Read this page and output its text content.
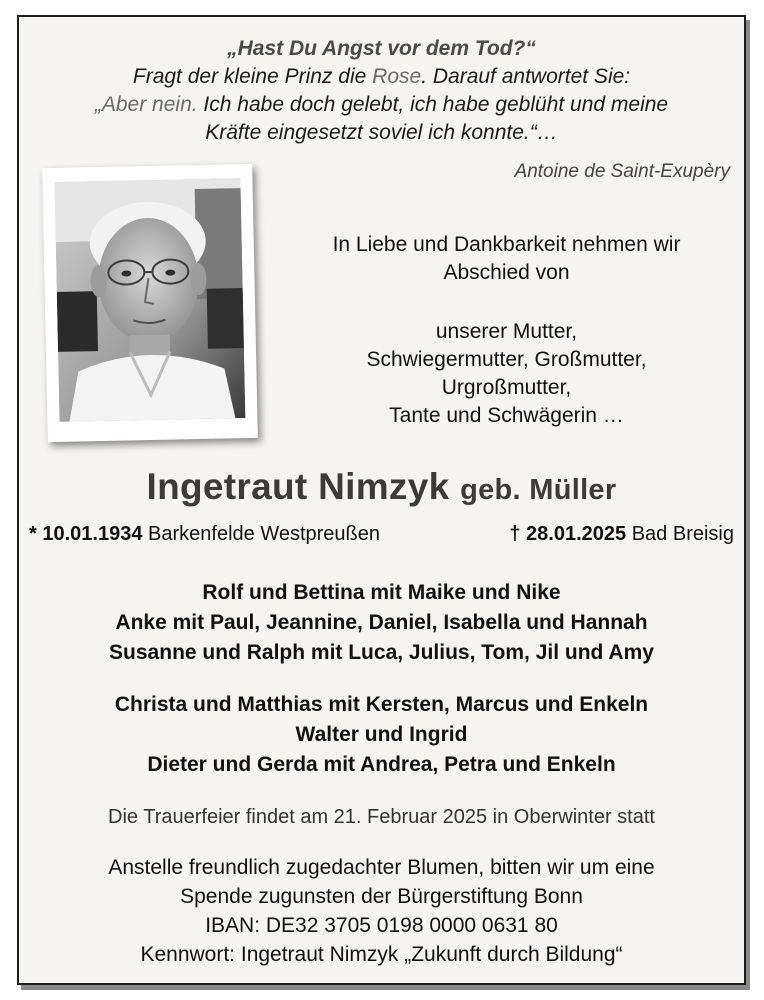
„Hast Du Angst vor dem Tod?“
Fragt der kleine Prinz die Rose. Darauf antwortet Sie:
„Aber nein. Ich habe doch gelebt, ich habe geblüht und meine
Kräfte eingesetzt soviel ich konnte.“…
Antoine de Saint-Exupèry
In Liebe und Dankbarkeit nehmen wir
Abschied von
unserer Mutter,
Schwiegermutter, Großmutter,
Urgroßmutter,
Tante und Schwägerin …
Ingetraut Nimzyk geb. Müller
* 10.01.1934 Barkenfelde Westpreußen	† 28.01.2025 Bad Breisig
Rolf und Bettina mit Maike und Nike
Anke mit Paul, Jeannine, Daniel, Isabella und Hannah
Susanne und Ralph mit Luca, Julius, Tom, Jil und Amy
Christa und Matthias mit Kersten, Marcus und Enkeln
Walter und Ingrid
Dieter und Gerda mit Andrea, Petra und Enkeln
Die Trauerfeier findet am 21. Februar 2025 in Oberwinter statt
Anstelle freundlich zugedachter Blumen, bitten wir um eine
Spende zugunsten der Bürgerstiftung Bonn
IBAN: DE32 3705 0198 0000 0631 80
Kennwort: Ingetraut Nimzyk „Zukunft durch Bildung“
